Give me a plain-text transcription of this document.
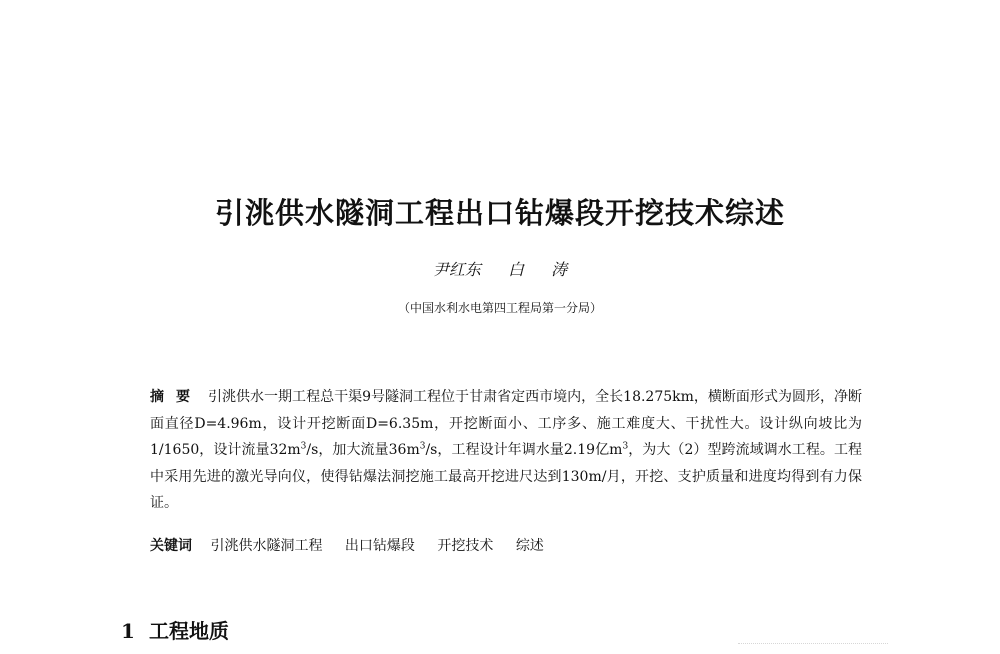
引洮供水隧洞工程出口钻爆段开挖技术综述
尹红东 白 涛
（中国水利水电第四工程局第一分局）

摘要 引洮供水一期工程总干渠9号隧洞工程位于甘肃省定西市境内，全长18.275km，横断面形式为圆形，净断面直径D=4.96m，设计开挖断面D=6.35m，开挖断面小、工序多、施工难度大、干扰性大。设计纵向坡比为1/1650，设计流量$32m^3/s$，加大流量$36m^3/s$，工程设计年调水量2.19亿$m^3$，为大（2）型跨流域调水工程。工程中采用先进的激光导向仪，使得钻爆法洞挖施工最高开挖进尺达到130m/月，开挖、支护质量和进度均得到有力保证。

关键词 引洮供水隧洞工程 出口钻爆段 开挖技术 综述
1 工程地质
